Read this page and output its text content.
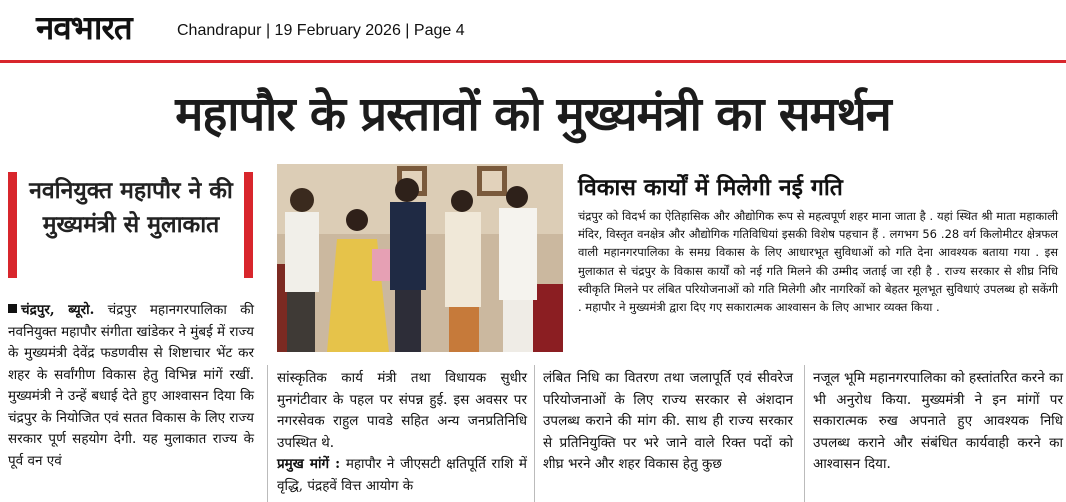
नवभारत	Chandrapur | 19 February 2026 | Page 4
महापौर के प्रस्तावों को मुख्यमंत्री का समर्थन
नवनियुक्त महापौर ने की मुख्यमंत्री से मुलाकात
चंद्रपुर, ब्यूरो. चंद्रपुर महानगरपालिका की नवनियुक्त महापौर संगीता खांडेकर ने मुंबई में राज्य के मुख्यमंत्री देवेंद्र फडणवीस से शिष्टाचार भेंट कर शहर के सर्वांगीण विकास हेतु विभिन्न मांगें रखीं. मुख्यमंत्री ने उन्हें बधाई देते हुए आश्वासन दिया कि चंद्रपुर के नियोजित एवं सतत विकास के लिए राज्य सरकार पूर्ण सहयोग देगी. यह मुलाकात राज्य के पूर्व वन एवं
विकास कार्यों में मिलेगी नई गति
चंद्रपुर को विदर्भ का ऐतिहासिक और औद्योगिक रूप से महत्वपूर्ण शहर माना जाता है . यहां स्थित श्री माता महाकाली मंदिर, विस्तृत वनक्षेत्र और औद्योगिक गतिविधियां इसकी विशेष पहचान हैं . लगभग 56 .28 वर्ग किलोमीटर क्षेत्रफल वाली महानगरपालिका के समग्र विकास के लिए आधारभूत सुविधाओं को गति देना आवश्यक बताया गया . इस मुलाकात से चंद्रपुर के विकास कार्यों को नई गति मिलने की उम्मीद जताई जा रही है . राज्य सरकार से शीघ्र निधि स्वीकृति मिलने पर लंबित परियोजनाओं को गति मिलेगी और नागरिकों को बेहतर मूलभूत सुविधाएं उपलब्ध हो सकेंगी . महापौर ने मुख्यमंत्री द्वारा दिए गए सकारात्मक आश्वासन के लिए आभार व्यक्त किया .
सांस्कृतिक कार्य मंत्री तथा विधायक सुधीर मुनगंटीवार के पहल पर संपन्न हुई. इस अवसर पर नगरसेवक राहुल पावडे सहित अन्य जनप्रतिनिधि उपस्थित थे.
प्रमुख मांगें : महापौर ने जीएसटी क्षतिपूर्ति राशि में वृद्धि, पंद्रहवें वित्त आयोग के
लंबित निधि का वितरण तथा जलापूर्ति एवं सीवरेज परियोजनाओं के लिए राज्य सरकार से अंशदान उपलब्ध कराने की मांग की. साथ ही राज्य सरकार से प्रतिनियुक्ति पर भरे जाने वाले रिक्त पदों को शीघ्र भरने और शहर विकास हेतु कुछ
नजूल भूमि महानगरपालिका को हस्तांतरित करने का भी अनुरोध किया. मुख्यमंत्री ने इन मांगों पर सकारात्मक रुख अपनाते हुए आवश्यक निधि उपलब्ध कराने और संबंधित कार्यवाही करने का आश्वासन दिया.
